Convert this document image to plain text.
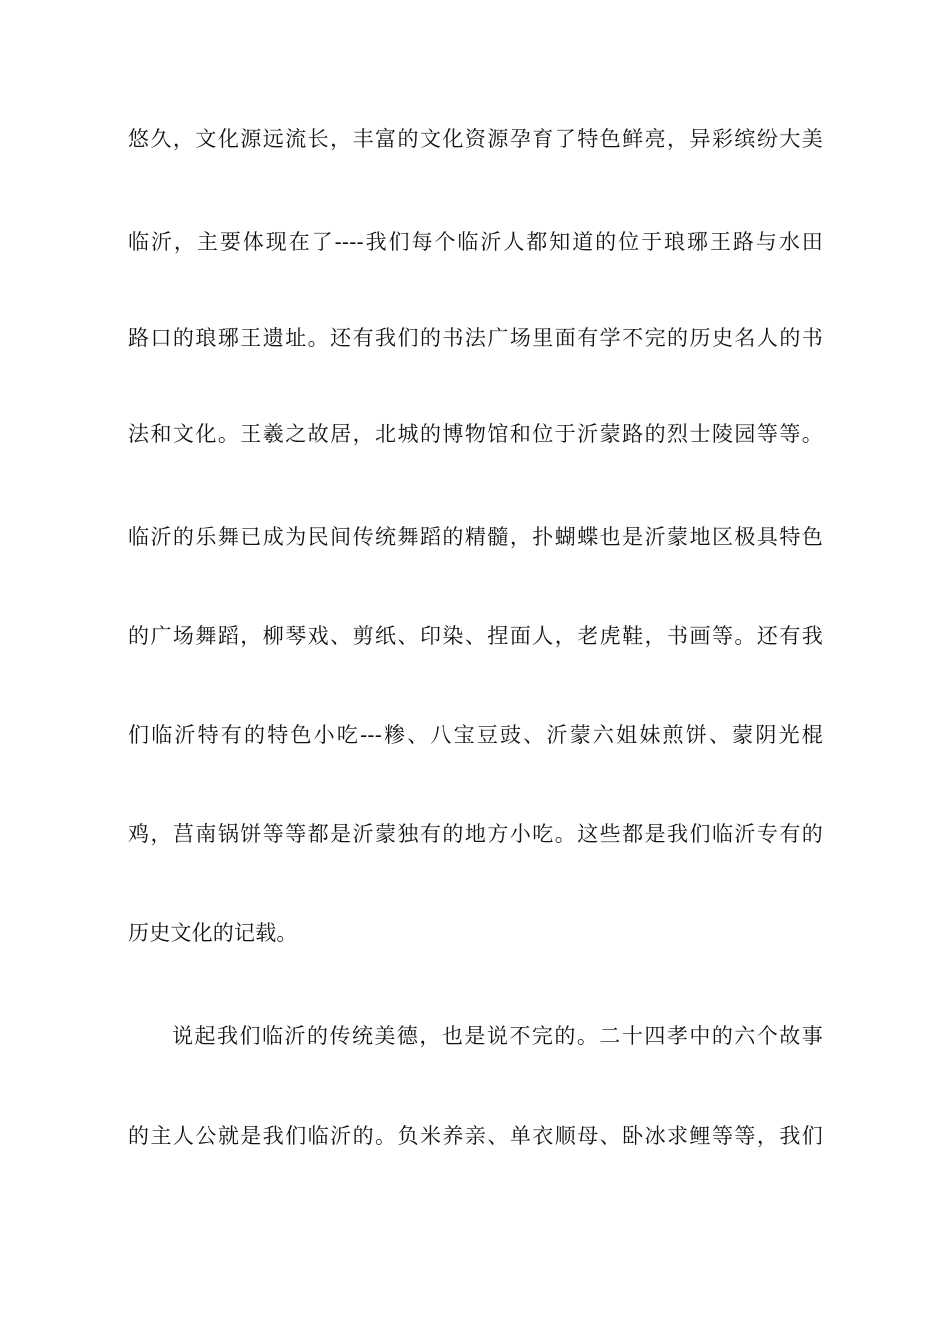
悠久，文化源远流长，丰富的文化资源孕育了特色鲜亮，异彩缤纷大美
临沂，主要体现在了----我们每个临沂人都知道的位于琅琊王路与水田
路口的琅琊王遗址。还有我们的书法广场里面有学不完的历史名人的书
法和文化。王羲之故居，北城的博物馆和位于沂蒙路的烈士陵园等等。
临沂的乐舞已成为民间传统舞蹈的精髓，扑蝴蝶也是沂蒙地区极具特色
的广场舞蹈，柳琴戏、剪纸、印染、捏面人，老虎鞋，书画等。还有我
们临沂特有的特色小吃---糁、八宝豆豉、沂蒙六姐妹煎饼、蒙阴光棍
鸡，莒南锅饼等等都是沂蒙独有的地方小吃。这些都是我们临沂专有的
历史文化的记载。
说起我们临沂的传统美德，也是说不完的。二十四孝中的六个故事
的主人公就是我们临沂的。负米养亲、单衣顺母、卧冰求鲤等等，我们
